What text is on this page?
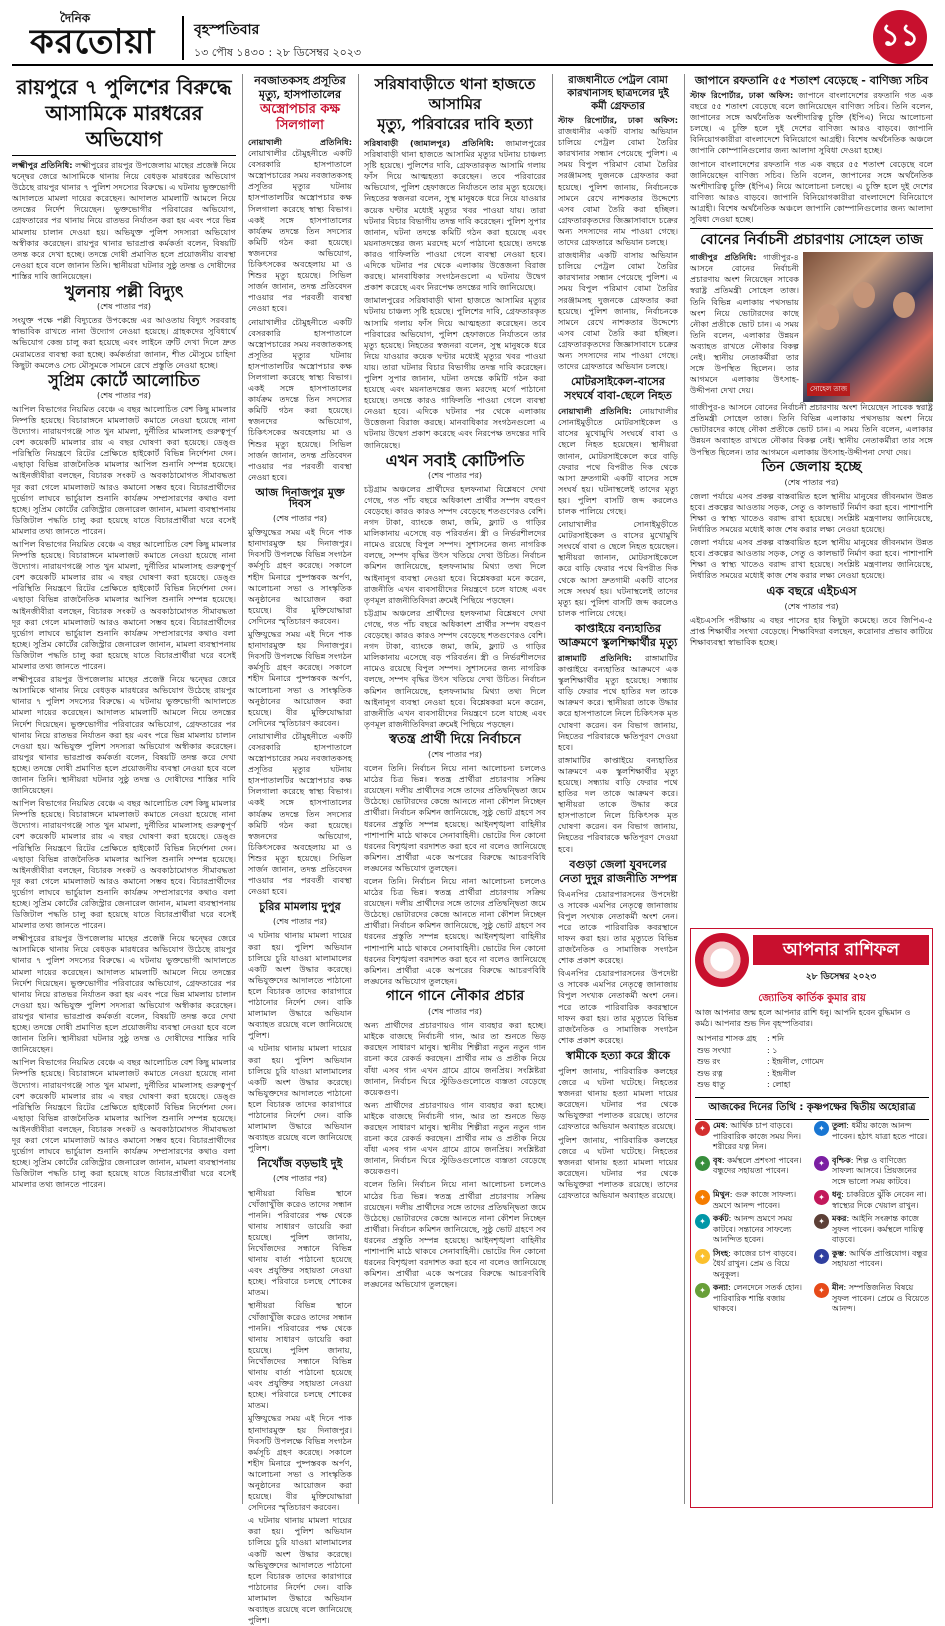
দৈনিক
করতোয়া	বৃহস্পতিবার
১৩ পৌষ ১৪৩০ : ২৮ ডিসেম্বর ২০২৩	১১
রায়পুরে ৭ পুলিশের বিরুদ্ধে
আসামিকে মারধরের অভিযোগ

লক্ষ্মীপুর প্রতিনিধি: লক্ষ্মীপুরের রায়পুর উপজেলায় মাছের প্রজেক্ট নিয়ে দ্বন্দ্বের জেরে আসামিকে থানায় নিয়ে বেধড়ক মারধরের অভিযোগ উঠেছে রায়পুর থানার ৭ পুলিশ সদস্যের বিরুদ্ধে। এ ঘটনায় ভুক্তভোগী আদালতে মামলা দায়ের করেছেন। আদালত মামলাটি আমলে নিয়ে তদন্তের নির্দেশ দিয়েছেন। ভুক্তভোগীর পরিবারের অভিযোগ, গ্রেফতারের পর থানায় নিয়ে রাতভর নির্যাতন করা হয় এবং পরে ভিন্ন মামলায় চালান দেওয়া হয়। অভিযুক্ত পুলিশ সদস্যরা অভিযোগ অস্বীকার করেছেন। রায়পুর থানার ভারপ্রাপ্ত কর্মকর্তা বলেন, বিষয়টি তদন্ত করে দেখা হচ্ছে। তদন্তে দোষী প্রমাণিত হলে প্রয়োজনীয় ব্যবস্থা নেওয়া হবে বলে জানান তিনি। স্থানীয়রা ঘটনার সুষ্ঠু তদন্ত ও দোষীদের শাস্তির দাবি জানিয়েছেন।

খুলনায় পল্লী বিদ্যুৎ
(শেষ পাতার পর)

সংযুক্ত পক্ষে পল্লী বিদ্যুতের উপকেন্দ্রে এর আওতায় বিদ্যুৎ সরবরাহ স্বাভাবিক রাখতে নানা উদ্যোগ নেওয়া হয়েছে। গ্রাহকদের সুবিধার্থে অভিযোগ কেন্দ্র চালু করা হয়েছে এবং লাইনে ত্রুটি দেখা দিলে দ্রুত মেরামতের ব্যবস্থা করা হচ্ছে। কর্মকর্তারা জানান, শীত মৌসুমে চাহিদা কিছুটা কমলেও সেচ মৌসুমকে সামনে রেখে প্রস্তুতি নেওয়া হচ্ছে।

সুপ্রিম কোর্টে আলোচিত
(শেষ পাতার পর)

আপিল বিভাগের নিয়মিত বেঞ্চে এ বছর আলোচিত বেশ কিছু মামলার নিষ্পত্তি হয়েছে। বিচারাঙ্গনে মামলাজট কমাতে নেওয়া হয়েছে নানা উদ্যোগ। নারায়ণগঞ্জে সাত খুন মামলা, দুর্নীতির মামলাসহ গুরুত্বপূর্ণ বেশ কয়েকটি মামলার রায় এ বছর ঘোষণা করা হয়েছে। ডেঙ্গু পরিস্থিতি নিয়ন্ত্রণে রিটের প্রেক্ষিতে হাইকোর্ট বিভিন্ন নির্দেশনা দেন। এছাড়া বিভিন্ন রাজনৈতিক মামলার আপিল শুনানি সম্পন্ন হয়েছে। আইনজীবীরা বলছেন, বিচারক সংকট ও অবকাঠামোগত সীমাবদ্ধতা দূর করা গেলে মামলাজট আরও কমানো সম্ভব হবে। বিচারপ্রার্থীদের দুর্ভোগ লাঘবে ভার্চুয়াল শুনানি কার্যক্রম সম্প্রসারণের কথাও বলা হচ্ছে। সুপ্রিম কোর্টের রেজিস্ট্রার জেনারেল জানান, মামলা ব্যবস্থাপনায় ডিজিটাল পদ্ধতি চালু করা হয়েছে যাতে বিচারপ্রার্থীরা ঘরে বসেই মামলার তথ্য জানতে পারেন।

আপিল বিভাগের নিয়মিত বেঞ্চে এ বছর আলোচিত বেশ কিছু মামলার নিষ্পত্তি হয়েছে। বিচারাঙ্গনে মামলাজট কমাতে নেওয়া হয়েছে নানা উদ্যোগ। নারায়ণগঞ্জে সাত খুন মামলা, দুর্নীতির মামলাসহ গুরুত্বপূর্ণ বেশ কয়েকটি মামলার রায় এ বছর ঘোষণা করা হয়েছে। ডেঙ্গু পরিস্থিতি নিয়ন্ত্রণে রিটের প্রেক্ষিতে হাইকোর্ট বিভিন্ন নির্দেশনা দেন। এছাড়া বিভিন্ন রাজনৈতিক মামলার আপিল শুনানি সম্পন্ন হয়েছে। আইনজীবীরা বলছেন, বিচারক সংকট ও অবকাঠামোগত সীমাবদ্ধতা দূর করা গেলে মামলাজট আরও কমানো সম্ভব হবে। বিচারপ্রার্থীদের দুর্ভোগ লাঘবে ভার্চুয়াল শুনানি কার্যক্রম সম্প্রসারণের কথাও বলা হচ্ছে। সুপ্রিম কোর্টের রেজিস্ট্রার জেনারেল জানান, মামলা ব্যবস্থাপনায় ডিজিটাল পদ্ধতি চালু করা হয়েছে যাতে বিচারপ্রার্থীরা ঘরে বসেই মামলার তথ্য জানতে পারেন।

লক্ষ্মীপুরের রায়পুর উপজেলায় মাছের প্রজেক্ট নিয়ে দ্বন্দ্বের জেরে আসামিকে থানায় নিয়ে বেধড়ক মারধরের অভিযোগ উঠেছে রায়পুর থানার ৭ পুলিশ সদস্যের বিরুদ্ধে। এ ঘটনায় ভুক্তভোগী আদালতে মামলা দায়ের করেছেন। আদালত মামলাটি আমলে নিয়ে তদন্তের নির্দেশ দিয়েছেন। ভুক্তভোগীর পরিবারের অভিযোগ, গ্রেফতারের পর থানায় নিয়ে রাতভর নির্যাতন করা হয় এবং পরে ভিন্ন মামলায় চালান দেওয়া হয়। অভিযুক্ত পুলিশ সদস্যরা অভিযোগ অস্বীকার করেছেন। রায়পুর থানার ভারপ্রাপ্ত কর্মকর্তা বলেন, বিষয়টি তদন্ত করে দেখা হচ্ছে। তদন্তে দোষী প্রমাণিত হলে প্রয়োজনীয় ব্যবস্থা নেওয়া হবে বলে জানান তিনি। স্থানীয়রা ঘটনার সুষ্ঠু তদন্ত ও দোষীদের শাস্তির দাবি জানিয়েছেন।

আপিল বিভাগের নিয়মিত বেঞ্চে এ বছর আলোচিত বেশ কিছু মামলার নিষ্পত্তি হয়েছে। বিচারাঙ্গনে মামলাজট কমাতে নেওয়া হয়েছে নানা উদ্যোগ। নারায়ণগঞ্জে সাত খুন মামলা, দুর্নীতির মামলাসহ গুরুত্বপূর্ণ বেশ কয়েকটি মামলার রায় এ বছর ঘোষণা করা হয়েছে। ডেঙ্গু পরিস্থিতি নিয়ন্ত্রণে রিটের প্রেক্ষিতে হাইকোর্ট বিভিন্ন নির্দেশনা দেন। এছাড়া বিভিন্ন রাজনৈতিক মামলার আপিল শুনানি সম্পন্ন হয়েছে। আইনজীবীরা বলছেন, বিচারক সংকট ও অবকাঠামোগত সীমাবদ্ধতা দূর করা গেলে মামলাজট আরও কমানো সম্ভব হবে। বিচারপ্রার্থীদের দুর্ভোগ লাঘবে ভার্চুয়াল শুনানি কার্যক্রম সম্প্রসারণের কথাও বলা হচ্ছে। সুপ্রিম কোর্টের রেজিস্ট্রার জেনারেল জানান, মামলা ব্যবস্থাপনায় ডিজিটাল পদ্ধতি চালু করা হয়েছে যাতে বিচারপ্রার্থীরা ঘরে বসেই মামলার তথ্য জানতে পারেন।

লক্ষ্মীপুরের রায়পুর উপজেলায় মাছের প্রজেক্ট নিয়ে দ্বন্দ্বের জেরে আসামিকে থানায় নিয়ে বেধড়ক মারধরের অভিযোগ উঠেছে রায়পুর থানার ৭ পুলিশ সদস্যের বিরুদ্ধে। এ ঘটনায় ভুক্তভোগী আদালতে মামলা দায়ের করেছেন। আদালত মামলাটি আমলে নিয়ে তদন্তের নির্দেশ দিয়েছেন। ভুক্তভোগীর পরিবারের অভিযোগ, গ্রেফতারের পর থানায় নিয়ে রাতভর নির্যাতন করা হয় এবং পরে ভিন্ন মামলায় চালান দেওয়া হয়। অভিযুক্ত পুলিশ সদস্যরা অভিযোগ অস্বীকার করেছেন। রায়পুর থানার ভারপ্রাপ্ত কর্মকর্তা বলেন, বিষয়টি তদন্ত করে দেখা হচ্ছে। তদন্তে দোষী প্রমাণিত হলে প্রয়োজনীয় ব্যবস্থা নেওয়া হবে বলে জানান তিনি। স্থানীয়রা ঘটনার সুষ্ঠু তদন্ত ও দোষীদের শাস্তির দাবি জানিয়েছেন।

আপিল বিভাগের নিয়মিত বেঞ্চে এ বছর আলোচিত বেশ কিছু মামলার নিষ্পত্তি হয়েছে। বিচারাঙ্গনে মামলাজট কমাতে নেওয়া হয়েছে নানা উদ্যোগ। নারায়ণগঞ্জে সাত খুন মামলা, দুর্নীতির মামলাসহ গুরুত্বপূর্ণ বেশ কয়েকটি মামলার রায় এ বছর ঘোষণা করা হয়েছে। ডেঙ্গু পরিস্থিতি নিয়ন্ত্রণে রিটের প্রেক্ষিতে হাইকোর্ট বিভিন্ন নির্দেশনা দেন। এছাড়া বিভিন্ন রাজনৈতিক মামলার আপিল শুনানি সম্পন্ন হয়েছে। আইনজীবীরা বলছেন, বিচারক সংকট ও অবকাঠামোগত সীমাবদ্ধতা দূর করা গেলে মামলাজট আরও কমানো সম্ভব হবে। বিচারপ্রার্থীদের দুর্ভোগ লাঘবে ভার্চুয়াল শুনানি কার্যক্রম সম্প্রসারণের কথাও বলা হচ্ছে। সুপ্রিম কোর্টের রেজিস্ট্রার জেনারেল জানান, মামলা ব্যবস্থাপনায় ডিজিটাল পদ্ধতি চালু করা হয়েছে যাতে বিচারপ্রার্থীরা ঘরে বসেই মামলার তথ্য জানতে পারেন।

নবজাতকসহ প্রসূতির মৃত্যু, হাসপাতালের
অস্ত্রোপচার কক্ষ সিলগালা

নোয়াখালী প্রতিনিধি: নোয়াখালীর চৌমুহনীতে একটি বেসরকারি হাসপাতালে অস্ত্রোপচারের সময় নবজাতকসহ প্রসূতির মৃত্যুর ঘটনায় হাসপাতালটির অস্ত্রোপচার কক্ষ সিলগালা করেছে স্বাস্থ্য বিভাগ। একই সঙ্গে হাসপাতালের কার্যক্রম তদন্তে তিন সদস্যের কমিটি গঠন করা হয়েছে। স্বজনদের অভিযোগ, চিকিৎসকের অবহেলায় মা ও শিশুর মৃত্যু হয়েছে। সিভিল সার্জন জানান, তদন্ত প্রতিবেদন পাওয়ার পর পরবর্তী ব্যবস্থা নেওয়া হবে।

নোয়াখালীর চৌমুহনীতে একটি বেসরকারি হাসপাতালে অস্ত্রোপচারের সময় নবজাতকসহ প্রসূতির মৃত্যুর ঘটনায় হাসপাতালটির অস্ত্রোপচার কক্ষ সিলগালা করেছে স্বাস্থ্য বিভাগ। একই সঙ্গে হাসপাতালের কার্যক্রম তদন্তে তিন সদস্যের কমিটি গঠন করা হয়েছে। স্বজনদের অভিযোগ, চিকিৎসকের অবহেলায় মা ও শিশুর মৃত্যু হয়েছে। সিভিল সার্জন জানান, তদন্ত প্রতিবেদন পাওয়ার পর পরবর্তী ব্যবস্থা নেওয়া হবে।

আজ দিনাজপুর মুক্ত দিবস
(শেষ পাতার পর)

মুক্তিযুদ্ধের সময় এই দিনে পাক হানাদারমুক্ত হয় দিনাজপুর। দিবসটি উপলক্ষে বিভিন্ন সংগঠন কর্মসূচি গ্রহণ করেছে। সকালে শহীদ মিনারে পুষ্পস্তবক অর্পণ, আলোচনা সভা ও সাংস্কৃতিক অনুষ্ঠানের আয়োজন করা হয়েছে। বীর মুক্তিযোদ্ধারা সেদিনের স্মৃতিচারণ করবেন।

মুক্তিযুদ্ধের সময় এই দিনে পাক হানাদারমুক্ত হয় দিনাজপুর। দিবসটি উপলক্ষে বিভিন্ন সংগঠন কর্মসূচি গ্রহণ করেছে। সকালে শহীদ মিনারে পুষ্পস্তবক অর্পণ, আলোচনা সভা ও সাংস্কৃতিক অনুষ্ঠানের আয়োজন করা হয়েছে। বীর মুক্তিযোদ্ধারা সেদিনের স্মৃতিচারণ করবেন।

নোয়াখালীর চৌমুহনীতে একটি বেসরকারি হাসপাতালে অস্ত্রোপচারের সময় নবজাতকসহ প্রসূতির মৃত্যুর ঘটনায় হাসপাতালটির অস্ত্রোপচার কক্ষ সিলগালা করেছে স্বাস্থ্য বিভাগ। একই সঙ্গে হাসপাতালের কার্যক্রম তদন্তে তিন সদস্যের কমিটি গঠন করা হয়েছে। স্বজনদের অভিযোগ, চিকিৎসকের অবহেলায় মা ও শিশুর মৃত্যু হয়েছে। সিভিল সার্জন জানান, তদন্ত প্রতিবেদন পাওয়ার পর পরবর্তী ব্যবস্থা নেওয়া হবে।

চুরির মামলায় দুপুর
(শেষ পাতার পর)

এ ঘটনায় থানায় মামলা দায়ের করা হয়। পুলিশ অভিযান চালিয়ে চুরি যাওয়া মালামালের একটি অংশ উদ্ধার করেছে। অভিযুক্তদের আদালতে পাঠানো হলে বিচারক তাদের কারাগারে পাঠানোর নির্দেশ দেন। বাকি মালামাল উদ্ধারে অভিযান অব্যাহত রয়েছে বলে জানিয়েছে পুলিশ।

এ ঘটনায় থানায় মামলা দায়ের করা হয়। পুলিশ অভিযান চালিয়ে চুরি যাওয়া মালামালের একটি অংশ উদ্ধার করেছে। অভিযুক্তদের আদালতে পাঠানো হলে বিচারক তাদের কারাগারে পাঠানোর নির্দেশ দেন। বাকি মালামাল উদ্ধারে অভিযান অব্যাহত রয়েছে বলে জানিয়েছে পুলিশ।

নিখোঁজ বড়ভাই দুই
(শেষ পাতার পর)

স্থানীয়রা বিভিন্ন স্থানে খোঁজাখুঁজি করেও তাদের সন্ধান পাননি। পরিবারের পক্ষ থেকে থানায় সাধারণ ডায়েরি করা হয়েছে। পুলিশ জানায়, নিখোঁজদের সন্ধানে বিভিন্ন থানায় বার্তা পাঠানো হয়েছে এবং প্রযুক্তির সহায়তা নেওয়া হচ্ছে। পরিবারে চলছে শোকের মাতম।

স্থানীয়রা বিভিন্ন স্থানে খোঁজাখুঁজি করেও তাদের সন্ধান পাননি। পরিবারের পক্ষ থেকে থানায় সাধারণ ডায়েরি করা হয়েছে। পুলিশ জানায়, নিখোঁজদের সন্ধানে বিভিন্ন থানায় বার্তা পাঠানো হয়েছে এবং প্রযুক্তির সহায়তা নেওয়া হচ্ছে। পরিবারে চলছে শোকের মাতম।

মুক্তিযুদ্ধের সময় এই দিনে পাক হানাদারমুক্ত হয় দিনাজপুর। দিবসটি উপলক্ষে বিভিন্ন সংগঠন কর্মসূচি গ্রহণ করেছে। সকালে শহীদ মিনারে পুষ্পস্তবক অর্পণ, আলোচনা সভা ও সাংস্কৃতিক অনুষ্ঠানের আয়োজন করা হয়েছে। বীর মুক্তিযোদ্ধারা সেদিনের স্মৃতিচারণ করবেন।

এ ঘটনায় থানায় মামলা দায়ের করা হয়। পুলিশ অভিযান চালিয়ে চুরি যাওয়া মালামালের একটি অংশ উদ্ধার করেছে। অভিযুক্তদের আদালতে পাঠানো হলে বিচারক তাদের কারাগারে পাঠানোর নির্দেশ দেন। বাকি মালামাল উদ্ধারে অভিযান অব্যাহত রয়েছে বলে জানিয়েছে পুলিশ।

সরিষাবাড়ীতে থানা হাজতে আসামির
মৃত্যু, পরিবারের দাবি হত্যা

সরিষাবাড়ী (জামালপুর) প্রতিনিধি: জামালপুরের সরিষাবাড়ী থানা হাজতে আসামির মৃত্যুর ঘটনায় চাঞ্চল্য সৃষ্টি হয়েছে। পুলিশের দাবি, গ্রেফতারকৃত আসামি গলায় ফাঁস দিয়ে আত্মহত্যা করেছেন। তবে পরিবারের অভিযোগ, পুলিশ হেফাজতে নির্যাতনে তার মৃত্যু হয়েছে। নিহতের স্বজনরা বলেন, সুস্থ মানুষকে ধরে নিয়ে যাওয়ার কয়েক ঘণ্টার মধ্যেই মৃত্যুর খবর পাওয়া যায়। তারা ঘটনার বিচার বিভাগীয় তদন্ত দাবি করেছেন। পুলিশ সুপার জানান, ঘটনা তদন্তে কমিটি গঠন করা হয়েছে এবং ময়নাতদন্তের জন্য মরদেহ মর্গে পাঠানো হয়েছে। তদন্তে কারও গাফিলতি পাওয়া গেলে ব্যবস্থা নেওয়া হবে। এদিকে ঘটনার পর থেকে এলাকায় উত্তেজনা বিরাজ করছে। মানবাধিকার সংগঠনগুলো এ ঘটনায় উদ্বেগ প্রকাশ করেছে এবং নিরপেক্ষ তদন্তের দাবি জানিয়েছে।

জামালপুরের সরিষাবাড়ী থানা হাজতে আসামির মৃত্যুর ঘটনায় চাঞ্চল্য সৃষ্টি হয়েছে। পুলিশের দাবি, গ্রেফতারকৃত আসামি গলায় ফাঁস দিয়ে আত্মহত্যা করেছেন। তবে পরিবারের অভিযোগ, পুলিশ হেফাজতে নির্যাতনে তার মৃত্যু হয়েছে। নিহতের স্বজনরা বলেন, সুস্থ মানুষকে ধরে নিয়ে যাওয়ার কয়েক ঘণ্টার মধ্যেই মৃত্যুর খবর পাওয়া যায়। তারা ঘটনার বিচার বিভাগীয় তদন্ত দাবি করেছেন। পুলিশ সুপার জানান, ঘটনা তদন্তে কমিটি গঠন করা হয়েছে এবং ময়নাতদন্তের জন্য মরদেহ মর্গে পাঠানো হয়েছে। তদন্তে কারও গাফিলতি পাওয়া গেলে ব্যবস্থা নেওয়া হবে। এদিকে ঘটনার পর থেকে এলাকায় উত্তেজনা বিরাজ করছে। মানবাধিকার সংগঠনগুলো এ ঘটনায় উদ্বেগ প্রকাশ করেছে এবং নিরপেক্ষ তদন্তের দাবি জানিয়েছে।

এখন সবাই কোটিপতি
(শেষ পাতার পর)

চট্টগ্রাম অঞ্চলের প্রার্থীদের হলফনামা বিশ্লেষণে দেখা গেছে, গত পাঁচ বছরে অধিকাংশ প্রার্থীর সম্পদ বহুগুণ বেড়েছে। কারও কারও সম্পদ বেড়েছে শতগুণেরও বেশি। নগদ টাকা, ব্যাংকে জমা, জমি, ফ্ল্যাট ও গাড়ির মালিকানায় এসেছে বড় পরিবর্তন। স্ত্রী ও নির্ভরশীলদের নামেও রয়েছে বিপুল সম্পদ। সুশাসনের জন্য নাগরিক বলছে, সম্পদ বৃদ্ধির উৎস খতিয়ে দেখা উচিত। নির্বাচন কমিশন জানিয়েছে, হলফনামায় মিথ্যা তথ্য দিলে আইনানুগ ব্যবস্থা নেওয়া হবে। বিশ্লেষকরা মনে করেন, রাজনীতি এখন ব্যবসায়ীদের নিয়ন্ত্রণে চলে যাচ্ছে এবং তৃণমূল রাজনীতিবিদরা ক্রমেই পিছিয়ে পড়ছেন।

চট্টগ্রাম অঞ্চলের প্রার্থীদের হলফনামা বিশ্লেষণে দেখা গেছে, গত পাঁচ বছরে অধিকাংশ প্রার্থীর সম্পদ বহুগুণ বেড়েছে। কারও কারও সম্পদ বেড়েছে শতগুণেরও বেশি। নগদ টাকা, ব্যাংকে জমা, জমি, ফ্ল্যাট ও গাড়ির মালিকানায় এসেছে বড় পরিবর্তন। স্ত্রী ও নির্ভরশীলদের নামেও রয়েছে বিপুল সম্পদ। সুশাসনের জন্য নাগরিক বলছে, সম্পদ বৃদ্ধির উৎস খতিয়ে দেখা উচিত। নির্বাচন কমিশন জানিয়েছে, হলফনামায় মিথ্যা তথ্য দিলে আইনানুগ ব্যবস্থা নেওয়া হবে। বিশ্লেষকরা মনে করেন, রাজনীতি এখন ব্যবসায়ীদের নিয়ন্ত্রণে চলে যাচ্ছে এবং তৃণমূল রাজনীতিবিদরা ক্রমেই পিছিয়ে পড়ছেন।

স্বতন্ত্র প্রার্থী দিয়ে নির্বাচনে
(শেষ পাতার পর)

বলেন তিনি। নির্বাচন নিয়ে নানা আলোচনা চললেও মাঠের চিত্র ভিন্ন। স্বতন্ত্র প্রার্থীরা প্রচারণায় সক্রিয় রয়েছেন। দলীয় প্রার্থীদের সঙ্গে তাদের প্রতিদ্বন্দ্বিতা জমে উঠেছে। ভোটারদের কেন্দ্রে আনতে নানা কৌশল নিচ্ছেন প্রার্থীরা। নির্বাচন কমিশন জানিয়েছে, সুষ্ঠু ভোট গ্রহণে সব ধরনের প্রস্তুতি সম্পন্ন হয়েছে। আইনশৃঙ্খলা বাহিনীর পাশাপাশি মাঠে থাকবে সেনাবাহিনী। ভোটের দিন কোনো ধরনের বিশৃঙ্খলা বরদাশত করা হবে না বলেও জানিয়েছে কমিশন। প্রার্থীরা একে অপরের বিরুদ্ধে আচরণবিধি লঙ্ঘনের অভিযোগ তুলছেন।

বলেন তিনি। নির্বাচন নিয়ে নানা আলোচনা চললেও মাঠের চিত্র ভিন্ন। স্বতন্ত্র প্রার্থীরা প্রচারণায় সক্রিয় রয়েছেন। দলীয় প্রার্থীদের সঙ্গে তাদের প্রতিদ্বন্দ্বিতা জমে উঠেছে। ভোটারদের কেন্দ্রে আনতে নানা কৌশল নিচ্ছেন প্রার্থীরা। নির্বাচন কমিশন জানিয়েছে, সুষ্ঠু ভোট গ্রহণে সব ধরনের প্রস্তুতি সম্পন্ন হয়েছে। আইনশৃঙ্খলা বাহিনীর পাশাপাশি মাঠে থাকবে সেনাবাহিনী। ভোটের দিন কোনো ধরনের বিশৃঙ্খলা বরদাশত করা হবে না বলেও জানিয়েছে কমিশন। প্রার্থীরা একে অপরের বিরুদ্ধে আচরণবিধি লঙ্ঘনের অভিযোগ তুলছেন।

গানে গানে নৌকার প্রচার
(শেষ পাতার পর)

অন্য প্রার্থীদের প্রচারণায়ও গান ব্যবহার করা হচ্ছে। মাইকে বাজছে নির্বাচনী গান, আর তা শুনতে ভিড় করছেন সাধারণ মানুষ। স্থানীয় শিল্পীরা নতুন নতুন গান রচনা করে রেকর্ড করছেন। প্রার্থীর নাম ও প্রতীক নিয়ে বাঁধা এসব গান এখন গ্রামে গ্রামে জনপ্রিয়। সংশ্লিষ্টরা জানান, নির্বাচন ঘিরে স্টুডিওগুলোতে ব্যস্ততা বেড়েছে কয়েকগুণ।

অন্য প্রার্থীদের প্রচারণায়ও গান ব্যবহার করা হচ্ছে। মাইকে বাজছে নির্বাচনী গান, আর তা শুনতে ভিড় করছেন সাধারণ মানুষ। স্থানীয় শিল্পীরা নতুন নতুন গান রচনা করে রেকর্ড করছেন। প্রার্থীর নাম ও প্রতীক নিয়ে বাঁধা এসব গান এখন গ্রামে গ্রামে জনপ্রিয়। সংশ্লিষ্টরা জানান, নির্বাচন ঘিরে স্টুডিওগুলোতে ব্যস্ততা বেড়েছে কয়েকগুণ।

বলেন তিনি। নির্বাচন নিয়ে নানা আলোচনা চললেও মাঠের চিত্র ভিন্ন। স্বতন্ত্র প্রার্থীরা প্রচারণায় সক্রিয় রয়েছেন। দলীয় প্রার্থীদের সঙ্গে তাদের প্রতিদ্বন্দ্বিতা জমে উঠেছে। ভোটারদের কেন্দ্রে আনতে নানা কৌশল নিচ্ছেন প্রার্থীরা। নির্বাচন কমিশন জানিয়েছে, সুষ্ঠু ভোট গ্রহণে সব ধরনের প্রস্তুতি সম্পন্ন হয়েছে। আইনশৃঙ্খলা বাহিনীর পাশাপাশি মাঠে থাকবে সেনাবাহিনী। ভোটের দিন কোনো ধরনের বিশৃঙ্খলা বরদাশত করা হবে না বলেও জানিয়েছে কমিশন। প্রার্থীরা একে অপরের বিরুদ্ধে আচরণবিধি লঙ্ঘনের অভিযোগ তুলছেন।

রাজধানীতে পেট্রল বোমা কারখানাসহ ছাত্রদলের দুই কর্মী গ্রেফতার

স্টাফ রিপোর্টার, ঢাকা অফিস: রাজধানীর একটি বাসায় অভিযান চালিয়ে পেট্রল বোমা তৈরির কারখানার সন্ধান পেয়েছে পুলিশ। এ সময় বিপুল পরিমাণ বোমা তৈরির সরঞ্জামসহ দুজনকে গ্রেফতার করা হয়েছে। পুলিশ জানায়, নির্বাচনকে সামনে রেখে নাশকতার উদ্দেশ্যে এসব বোমা তৈরি করা হচ্ছিল। গ্রেফতারকৃতদের জিজ্ঞাসাবাদে চক্রের অন্য সদস্যদের নাম পাওয়া গেছে। তাদের গ্রেফতারে অভিযান চলছে।

রাজধানীর একটি বাসায় অভিযান চালিয়ে পেট্রল বোমা তৈরির কারখানার সন্ধান পেয়েছে পুলিশ। এ সময় বিপুল পরিমাণ বোমা তৈরির সরঞ্জামসহ দুজনকে গ্রেফতার করা হয়েছে। পুলিশ জানায়, নির্বাচনকে সামনে রেখে নাশকতার উদ্দেশ্যে এসব বোমা তৈরি করা হচ্ছিল। গ্রেফতারকৃতদের জিজ্ঞাসাবাদে চক্রের অন্য সদস্যদের নাম পাওয়া গেছে। তাদের গ্রেফতারে অভিযান চলছে।

মোটরসাইকেল-বাসের সংঘর্ষে বাবা-ছেলে নিহত

নোয়াখালী প্রতিনিধি: নোয়াখালীর সোনাইমুড়ীতে মোটরসাইকেল ও বাসের মুখোমুখি সংঘর্ষে বাবা ও ছেলে নিহত হয়েছেন। স্থানীয়রা জানান, মোটরসাইকেলে করে বাড়ি ফেরার পথে বিপরীত দিক থেকে আসা দ্রুতগামী একটি বাসের সঙ্গে সংঘর্ষ হয়। ঘটনাস্থলেই তাদের মৃত্যু হয়। পুলিশ বাসটি জব্দ করলেও চালক পালিয়ে গেছে।

নোয়াখালীর সোনাইমুড়ীতে মোটরসাইকেল ও বাসের মুখোমুখি সংঘর্ষে বাবা ও ছেলে নিহত হয়েছেন। স্থানীয়রা জানান, মোটরসাইকেলে করে বাড়ি ফেরার পথে বিপরীত দিক থেকে আসা দ্রুতগামী একটি বাসের সঙ্গে সংঘর্ষ হয়। ঘটনাস্থলেই তাদের মৃত্যু হয়। পুলিশ বাসটি জব্দ করলেও চালক পালিয়ে গেছে।

কাপ্তাইয়ে বন্যহাতির আক্রমণে স্কুলশিক্ষার্থীর মৃত্যু

রাঙ্গামাটি প্রতিনিধি: রাঙ্গামাটির কাপ্তাইয়ে বন্যহাতির আক্রমণে এক স্কুলশিক্ষার্থীর মৃত্যু হয়েছে। সন্ধ্যায় বাড়ি ফেরার পথে হাতির দল তাকে আক্রমণ করে। স্থানীয়রা তাকে উদ্ধার করে হাসপাতালে নিলে চিকিৎসক মৃত ঘোষণা করেন। বন বিভাগ জানায়, নিহতের পরিবারকে ক্ষতিপূরণ দেওয়া হবে।

রাঙ্গামাটির কাপ্তাইয়ে বন্যহাতির আক্রমণে এক স্কুলশিক্ষার্থীর মৃত্যু হয়েছে। সন্ধ্যায় বাড়ি ফেরার পথে হাতির দল তাকে আক্রমণ করে। স্থানীয়রা তাকে উদ্ধার করে হাসপাতালে নিলে চিকিৎসক মৃত ঘোষণা করেন। বন বিভাগ জানায়, নিহতের পরিবারকে ক্ষতিপূরণ দেওয়া হবে।

বগুড়া জেলা যুবদলের নেতা দুদুর রাজনীতি সম্পন্ন

বিএনপির চেয়ারপারসনের উপদেষ্টা ও সাবেক এমপির নেতৃত্বে জানাজায় বিপুল সংখ্যক নেতাকর্মী অংশ নেন। পরে তাকে পারিবারিক কবরস্থানে দাফন করা হয়। তার মৃত্যুতে বিভিন্ন রাজনৈতিক ও সামাজিক সংগঠন শোক প্রকাশ করেছে।

বিএনপির চেয়ারপারসনের উপদেষ্টা ও সাবেক এমপির নেতৃত্বে জানাজায় বিপুল সংখ্যক নেতাকর্মী অংশ নেন। পরে তাকে পারিবারিক কবরস্থানে দাফন করা হয়। তার মৃত্যুতে বিভিন্ন রাজনৈতিক ও সামাজিক সংগঠন শোক প্রকাশ করেছে।

স্বামীকে হত্যা করে স্ত্রীকে

পুলিশ জানায়, পারিবারিক কলহের জেরে এ ঘটনা ঘটেছে। নিহতের স্বজনরা থানায় হত্যা মামলা দায়ের করেছেন। ঘটনার পর থেকে অভিযুক্তরা পলাতক রয়েছে। তাদের গ্রেফতারে অভিযান অব্যাহত রয়েছে।

পুলিশ জানায়, পারিবারিক কলহের জেরে এ ঘটনা ঘটেছে। নিহতের স্বজনরা থানায় হত্যা মামলা দায়ের করেছেন। ঘটনার পর থেকে অভিযুক্তরা পলাতক রয়েছে। তাদের গ্রেফতারে অভিযান অব্যাহত রয়েছে।

জাপানে রফতানি ৫৫ শতাংশ বেড়েছে - বাণিজ্য সচিব

স্টাফ রিপোর্টার, ঢাকা অফিস: জাপানে বাংলাদেশের রফতানি গত এক বছরে ৫৫ শতাংশ বেড়েছে বলে জানিয়েছেন বাণিজ্য সচিব। তিনি বলেন, জাপানের সঙ্গে অর্থনৈতিক অংশীদারিত্ব চুক্তি (ইপিএ) নিয়ে আলোচনা চলছে। এ চুক্তি হলে দুই দেশের বাণিজ্য আরও বাড়বে। জাপানি বিনিয়োগকারীরা বাংলাদেশে বিনিয়োগে আগ্রহী। বিশেষ অর্থনৈতিক অঞ্চলে জাপানি কোম্পানিগুলোর জন্য আলাদা সুবিধা দেওয়া হচ্ছে।

জাপানে বাংলাদেশের রফতানি গত এক বছরে ৫৫ শতাংশ বেড়েছে বলে জানিয়েছেন বাণিজ্য সচিব। তিনি বলেন, জাপানের সঙ্গে অর্থনৈতিক অংশীদারিত্ব চুক্তি (ইপিএ) নিয়ে আলোচনা চলছে। এ চুক্তি হলে দুই দেশের বাণিজ্য আরও বাড়বে। জাপানি বিনিয়োগকারীরা বাংলাদেশে বিনিয়োগে আগ্রহী। বিশেষ অর্থনৈতিক অঞ্চলে জাপানি কোম্পানিগুলোর জন্য আলাদা সুবিধা দেওয়া হচ্ছে।

বোনের নির্বাচনী প্রচারণায় সোহেল তাজ

গাজীপুর প্রতিনিধি: গাজীপুর-৪ আসনে বোনের নির্বাচনী প্রচারণায় অংশ নিয়েছেন সাবেক স্বরাষ্ট্র প্রতিমন্ত্রী সোহেল তাজ। তিনি বিভিন্ন এলাকায় পথসভায় অংশ নিয়ে ভোটারদের কাছে নৌকা প্রতীকে ভোট চান। এ সময় তিনি বলেন, এলাকার উন্নয়ন অব্যাহত রাখতে নৌকার বিকল্প নেই। স্থানীয় নেতাকর্মীরা তার সঙ্গে উপস্থিত ছিলেন। তার আগমনে এলাকায় উৎসাহ-উদ্দীপনা দেখা দেয়।	সোহেল তাজ

গাজীপুর-৪ আসনে বোনের নির্বাচনী প্রচারণায় অংশ নিয়েছেন সাবেক স্বরাষ্ট্র প্রতিমন্ত্রী সোহেল তাজ। তিনি বিভিন্ন এলাকায় পথসভায় অংশ নিয়ে ভোটারদের কাছে নৌকা প্রতীকে ভোট চান। এ সময় তিনি বলেন, এলাকার উন্নয়ন অব্যাহত রাখতে নৌকার বিকল্প নেই। স্থানীয় নেতাকর্মীরা তার সঙ্গে উপস্থিত ছিলেন। তার আগমনে এলাকায় উৎসাহ-উদ্দীপনা দেখা দেয়।

তিন জেলায় হচ্ছে
(শেষ পাতার পর)

জেলা পর্যায়ে এসব প্রকল্প বাস্তবায়িত হলে স্থানীয় মানুষের জীবনমান উন্নত হবে। প্রকল্পের আওতায় সড়ক, সেতু ও কালভার্ট নির্মাণ করা হবে। পাশাপাশি শিক্ষা ও স্বাস্থ্য খাতেও বরাদ্দ রাখা হয়েছে। সংশ্লিষ্ট মন্ত্রণালয় জানিয়েছে, নির্ধারিত সময়ের মধ্যেই কাজ শেষ করার লক্ষ্য নেওয়া হয়েছে।

জেলা পর্যায়ে এসব প্রকল্প বাস্তবায়িত হলে স্থানীয় মানুষের জীবনমান উন্নত হবে। প্রকল্পের আওতায় সড়ক, সেতু ও কালভার্ট নির্মাণ করা হবে। পাশাপাশি শিক্ষা ও স্বাস্থ্য খাতেও বরাদ্দ রাখা হয়েছে। সংশ্লিষ্ট মন্ত্রণালয় জানিয়েছে, নির্ধারিত সময়ের মধ্যেই কাজ শেষ করার লক্ষ্য নেওয়া হয়েছে।

এক বছরে এইচএস
(শেষ পাতার পর)

এইচএসসি পরীক্ষায় এ বছর পাসের হার কিছুটা কমেছে। তবে জিপিএ-৫ প্রাপ্ত শিক্ষার্থীর সংখ্যা বেড়েছে। শিক্ষাবিদরা বলছেন, করোনার প্রভাব কাটিয়ে শিক্ষাব্যবস্থা স্বাভাবিক হচ্ছে।

আপনার রাশিফল
২৮ ডিসেম্বর ২০২৩
জ্যোতিষ কার্তিক কুমার রায়
আজ আপনার জন্ম হলে আপনার রাশি ধনু। আপনি হবেন বুদ্ধিমান ও কর্মঠ। আপনার শুভ দিন বৃহস্পতিবার।
আপনার শাসক গ্রহ	: শনি
শুভ সংখ্যা	: ১
শুভ রং	: ইন্দ্রনীল, গোমেদ
শুভ রত্ন	: ইন্দ্রনীল
শুভ ধাতু	: লোহা
আজকের দিনের তিথি : কৃষ্ণপক্ষের দ্বিতীয় অহোরাত্র
✦ মেষ: আর্থিক চাপ বাড়বে। পারিবারিক কাজে সময় দিন। শরীরের যত্ন নিন।
✦ তুলা: ধর্মীয় কাজে আনন্দ পাবেন। হঠাৎ যাত্রা হতে পারে।
✦ বৃষ: কর্মস্থলে প্রশংসা পাবেন। বন্ধুদের সহায়তা পাবেন।
✦ বৃশ্চিক: শিল্প ও বাণিজ্যে সাফল্য আসবে। প্রিয়জনের সঙ্গে ভালো সময় কাটবে।
✦ মিথুন: গুরু কাজে সাফল্য। ভ্রমণে আনন্দ পাবেন।
✦ ধনু: চাকরিতে ঝুঁকি নেবেন না। স্বাস্থ্যের দিকে খেয়াল রাখুন।
✦ কর্কট: আনন্দ ভ্রমণে সময় কাটবে। সন্তানের সাফল্যে আনন্দিত হবেন।
✦ মকর: আইনি সংক্রান্ত কাজে সুফল পাবেন। কর্মস্থলে দায়িত্ব বাড়বে।
✦ সিংহ: কাজের চাপ বাড়বে। ধৈর্য রাখুন। প্রেম ও বিয়ে অনুকূল।
✦ কুম্ভ: আর্থিক প্রাপ্তিযোগ। বন্ধুর সহায়তা পাবেন।
✦ কন্যা: লেনদেনে সতর্ক হোন। পারিবারিক শান্তি বজায় থাকবে।
✦ মীন: সম্পত্তিজনিত বিষয়ে সুফল পাবেন। প্রেমে ও বিয়েতে আনন্দ।
